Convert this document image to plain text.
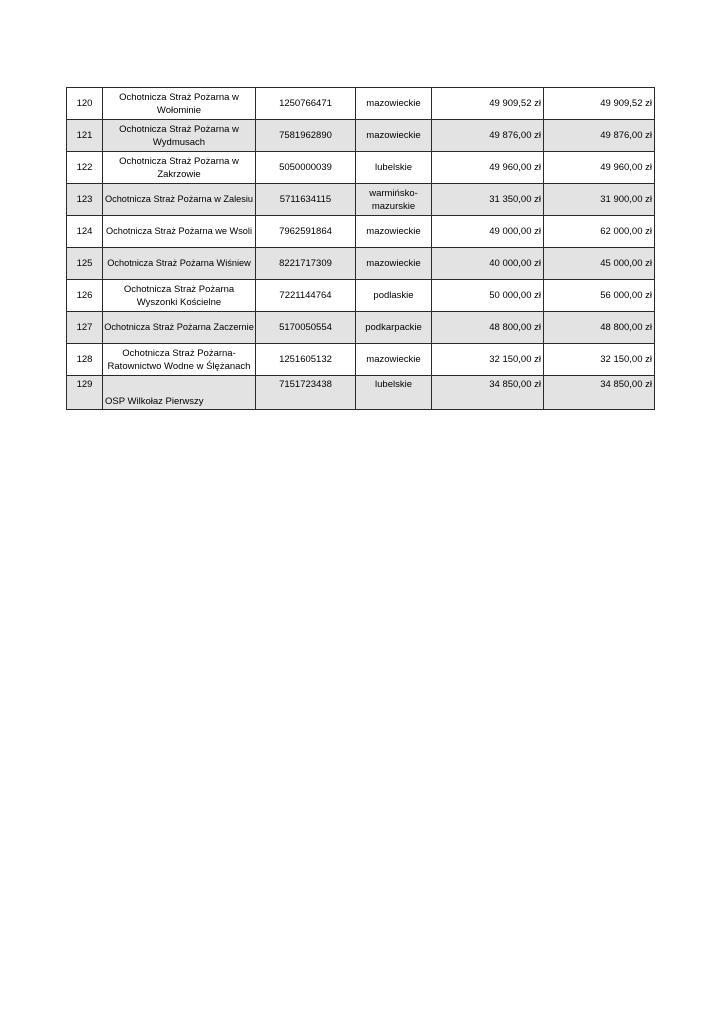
120	Ochotnicza Straż Pożarna w Wołominie	1250766471	mazowieckie	49 909,52 zł	49 909,52 zł
121	Ochotnicza Straż Pożarna w Wydmusach	7581962890	mazowieckie	49 876,00 zł	49 876,00 zł
122	Ochotnicza Straż Pożarna w Zakrzowie	5050000039	lubelskie	49 960,00 zł	49 960,00 zł
123	Ochotnicza Straż Pożarna w Zalesiu	5711634115	warmińsko-mazurskie	31 350,00 zł	31 900,00 zł
124	Ochotnicza Straż Pożarna we Wsoli	7962591864	mazowieckie	49 000,00 zł	62 000,00 zł
125	Ochotnicza Straż Pożarna Wiśniew	8221717309	mazowieckie	40 000,00 zł	45 000,00 zł
126	Ochotnicza Straż Pożarna Wyszonki Kościelne	7221144764	podlaskie	50 000,00 zł	56 000,00 zł
127	Ochotnicza Straż Pożarna Zaczernie	5170050554	podkarpackie	48 800,00 zł	48 800,00 zł
128	Ochotnicza Straż Pożarna-Ratownictwo Wodne w Ślężanach	1251605132	mazowieckie	32 150,00 zł	32 150,00 zł
129	OSP Wilkołaz Pierwszy	7151723438	lubelskie	34 850,00 zł	34 850,00 zł
